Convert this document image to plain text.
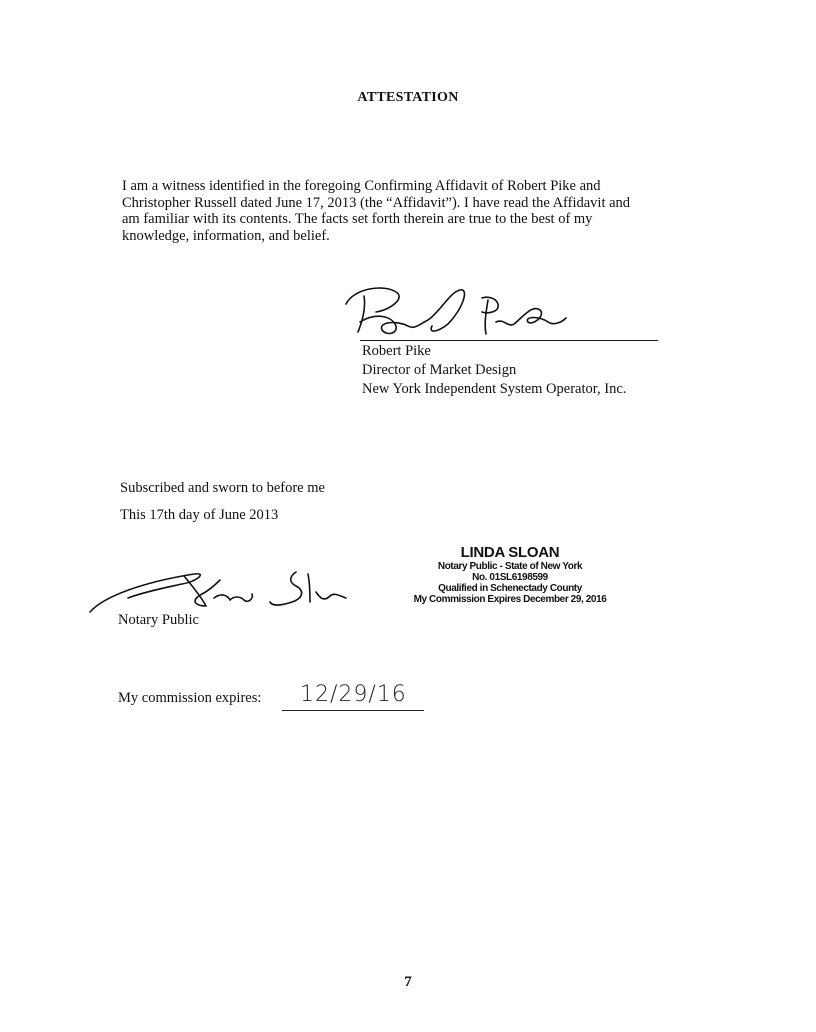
ATTESTATION
I am a witness identified in the foregoing Confirming Affidavit of Robert Pike and
Christopher Russell dated June 17, 2013 (the “Affidavit”). I have read the Affidavit and
am familiar with its contents. The facts set forth therein are true to the best of my
knowledge, information, and belief.
Robert Pike
Director of Market Design
New York Independent System Operator, Inc.
Subscribed and sworn to before me
This 17th day of June 2013
LINDA SLOAN
Notary Public - State of New York
No. 01SL6198599
Qualified in Schenectady County
My Commission Expires December 29, 2016
Notary Public
My commission expires: 12/29/16
7
